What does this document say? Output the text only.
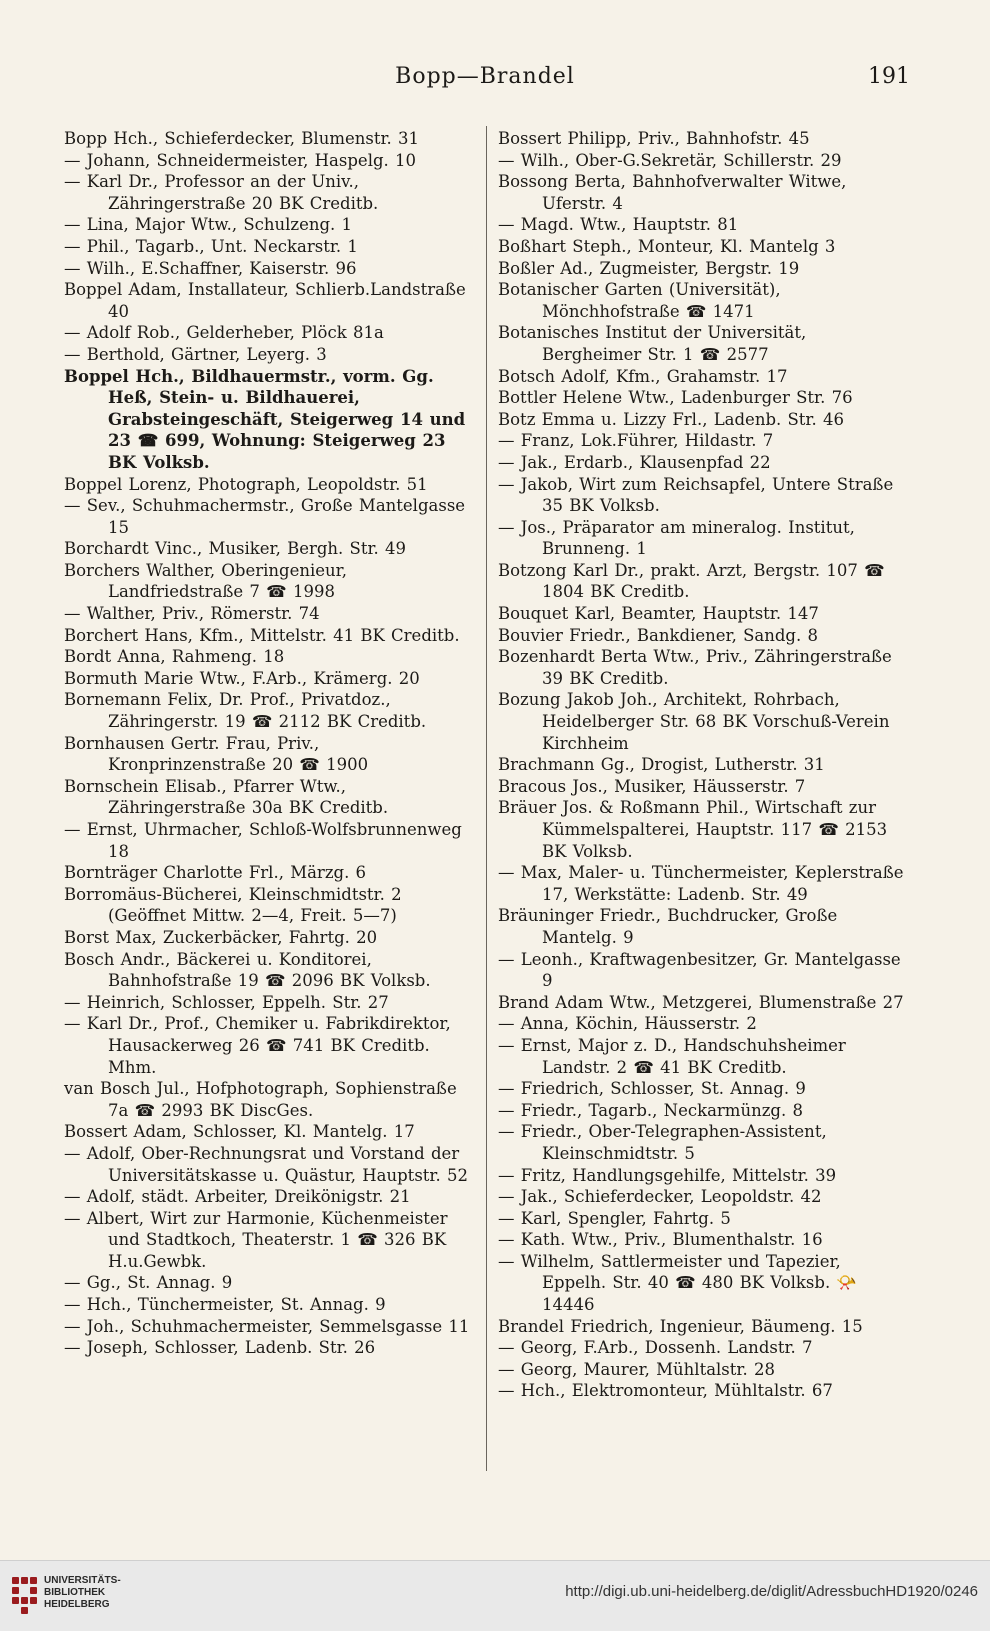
Bopp—Brandel	191

Bopp Hch., Schieferdecker, Blumenstr. 31

— Johann, Schneidermeister, Haspelg. 10

— Karl Dr., Professor an der Univ., Zähringerstraße 20 BK Creditb.

— Lina, Major Wtw., Schulzeng. 1

— Phil., Tagarb., Unt. Neckarstr. 1

— Wilh., E.Schaffner, Kaiserstr. 96

Boppel Adam, Installateur, Schlierb.Landstraße 40

— Adolf Rob., Gelderheber, Plöck 81a

— Berthold, Gärtner, Leyerg. 3

Boppel Hch., Bildhauermstr., vorm. Gg. Heß, Stein- u. Bildhauerei, Grabsteingeschäft, Steigerweg 14 und 23 ☎ 699, Wohnung: Steigerweg 23 BK Volksb.

Boppel Lorenz, Photograph, Leopoldstr. 51

— Sev., Schuhmachermstr., Große Mantelgasse 15

Borchardt Vinc., Musiker, Bergh. Str. 49

Borchers Walther, Oberingenieur, Landfriedstraße 7 ☎ 1998

— Walther, Priv., Römerstr. 74

Borchert Hans, Kfm., Mittelstr. 41 BK Creditb.

Bordt Anna, Rahmeng. 18

Bormuth Marie Wtw., F.Arb., Krämerg. 20

Bornemann Felix, Dr. Prof., Privatdoz., Zähringerstr. 19 ☎ 2112 BK Creditb.

Bornhausen Gertr. Frau, Priv., Kronprinzenstraße 20 ☎ 1900

Bornschein Elisab., Pfarrer Wtw., Zähringerstraße 30a BK Creditb.

— Ernst, Uhrmacher, Schloß-Wolfsbrunnenweg 18

Bornträger Charlotte Frl., Märzg. 6

Borromäus-Bücherei, Kleinschmidtstr. 2 (Geöffnet Mittw. 2—4, Freit. 5—7)

Borst Max, Zuckerbäcker, Fahrtg. 20

Bosch Andr., Bäckerei u. Konditorei, Bahnhofstraße 19 ☎ 2096 BK Volksb.

— Heinrich, Schlosser, Eppelh. Str. 27

— Karl Dr., Prof., Chemiker u. Fabrikdirektor, Hausackerweg 26 ☎ 741 BK Creditb. Mhm.

van Bosch Jul., Hofphotograph, Sophienstraße 7a ☎ 2993 BK DiscGes.

Bossert Adam, Schlosser, Kl. Mantelg. 17

— Adolf, Ober-Rechnungsrat und Vorstand der Universitätskasse u. Quästur, Hauptstr. 52

— Adolf, städt. Arbeiter, Dreikönigstr. 21

— Albert, Wirt zur Harmonie, Küchenmeister und Stadtkoch, Theaterstr. 1 ☎ 326 BK H.u.Gewbk.

— Gg., St. Annag. 9

— Hch., Tünchermeister, St. Annag. 9

— Joh., Schuhmachermeister, Semmelsgasse 11

— Joseph, Schlosser, Ladenb. Str. 26

Bossert Philipp, Priv., Bahnhofstr. 45

— Wilh., Ober-G.Sekretär, Schillerstr. 29

Bossong Berta, Bahnhofverwalter Witwe, Uferstr. 4

— Magd. Wtw., Hauptstr. 81

Boßhart Steph., Monteur, Kl. Mantelg 3

Boßler Ad., Zugmeister, Bergstr. 19

Botanischer Garten (Universität), Mönchhofstraße ☎ 1471

Botanisches Institut der Universität, Bergheimer Str. 1 ☎ 2577

Botsch Adolf, Kfm., Grahamstr. 17

Bottler Helene Wtw., Ladenburger Str. 76

Botz Emma u. Lizzy Frl., Ladenb. Str. 46

— Franz, Lok.Führer, Hildastr. 7

— Jak., Erdarb., Klausenpfad 22

— Jakob, Wirt zum Reichsapfel, Untere Straße 35 BK Volksb.

— Jos., Präparator am mineralog. Institut, Brunneng. 1

Botzong Karl Dr., prakt. Arzt, Bergstr. 107 ☎ 1804 BK Creditb.

Bouquet Karl, Beamter, Hauptstr. 147

Bouvier Friedr., Bankdiener, Sandg. 8

Bozenhardt Berta Wtw., Priv., Zähringerstraße 39 BK Creditb.

Bozung Jakob Joh., Architekt, Rohrbach, Heidelberger Str. 68 BK Vorschuß-Verein Kirchheim

Brachmann Gg., Drogist, Lutherstr. 31

Bracous Jos., Musiker, Häusserstr. 7

Bräuer Jos. & Roßmann Phil., Wirtschaft zur Kümmelspalterei, Hauptstr. 117 ☎ 2153 BK Volksb.

— Max, Maler- u. Tünchermeister, Keplerstraße 17, Werkstätte: Ladenb. Str. 49

Bräuninger Friedr., Buchdrucker, Große Mantelg. 9

— Leonh., Kraftwagenbesitzer, Gr. Mantelgasse 9

Brand Adam Wtw., Metzgerei, Blumenstraße 27

— Anna, Köchin, Häusserstr. 2

— Ernst, Major z. D., Handschuhsheimer Landstr. 2 ☎ 41 BK Creditb.

— Friedrich, Schlosser, St. Annag. 9

— Friedr., Tagarb., Neckarmünzg. 8

— Friedr., Ober-Telegraphen-Assistent, Kleinschmidtstr. 5

— Fritz, Handlungsgehilfe, Mittelstr. 39

— Jak., Schieferdecker, Leopoldstr. 42

— Karl, Spengler, Fahrtg. 5

— Kath. Wtw., Priv., Blumenthalstr. 16

— Wilhelm, Sattlermeister und Tapezier, Eppelh. Str. 40 ☎ 480 BK Volksb. 📯 14446

Brandel Friedrich, Ingenieur, Bäumeng. 15

— Georg, F.Arb., Dossenh. Landstr. 7

— Georg, Maurer, Mühltalstr. 28

— Hch., Elektromonteur, Mühltalstr. 67

UNIVERSITÄTS-
BIBLIOTHEK
HEIDELBERG
http://digi.ub.uni-heidelberg.de/diglit/AdressbuchHD1920/0246
